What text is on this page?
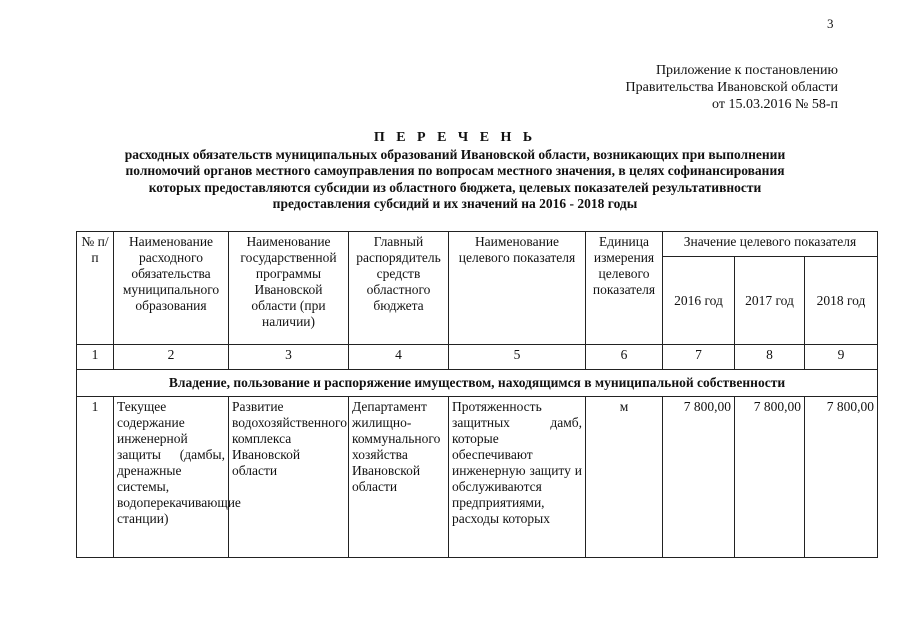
3
Приложение к постановлению
Правительства Ивановской области
от 15.03.2016 № 58-п
П Е Р Е Ч Е Н Ь
расходных обязательств муниципальных образований Ивановской области, возникающих при выполнении
полномочий органов местного самоуправления по вопросам местного значения, в целях софинансирования
которых предоставляются субсидии из областного бюджета, целевых показателей результативности
предоставления субсидий и их значений на 2016 - 2018 годы
№ п/п	Наименование расходного обязательства муниципального образования	Наименование государственной программы Ивановской области (при наличии)	Главный распорядитель средств областного бюджета	Наименование целевого показателя	Единица измерения целевого показателя	Значение целевого показателя		
						2016 год	2017 год	2018 год
1	2	3	4	5	6	7	8	9
Владение, пользование и распоряжение имуществом, находящимся в муниципальной собственности								
1	Текущее содержание инженерной защиты (дамбы, дренажные системы, водоперекачивающие станции)	Развитие водохозяйственного комплекса Ивановской области	Департамент жилищно-коммунального хозяйства Ивановской области	Протяженность защитных дамб, которые обеспечивают инженерную защиту и обслуживаются предприятиями, расходы которых	м	7 800,00	7 800,00	7 800,00
